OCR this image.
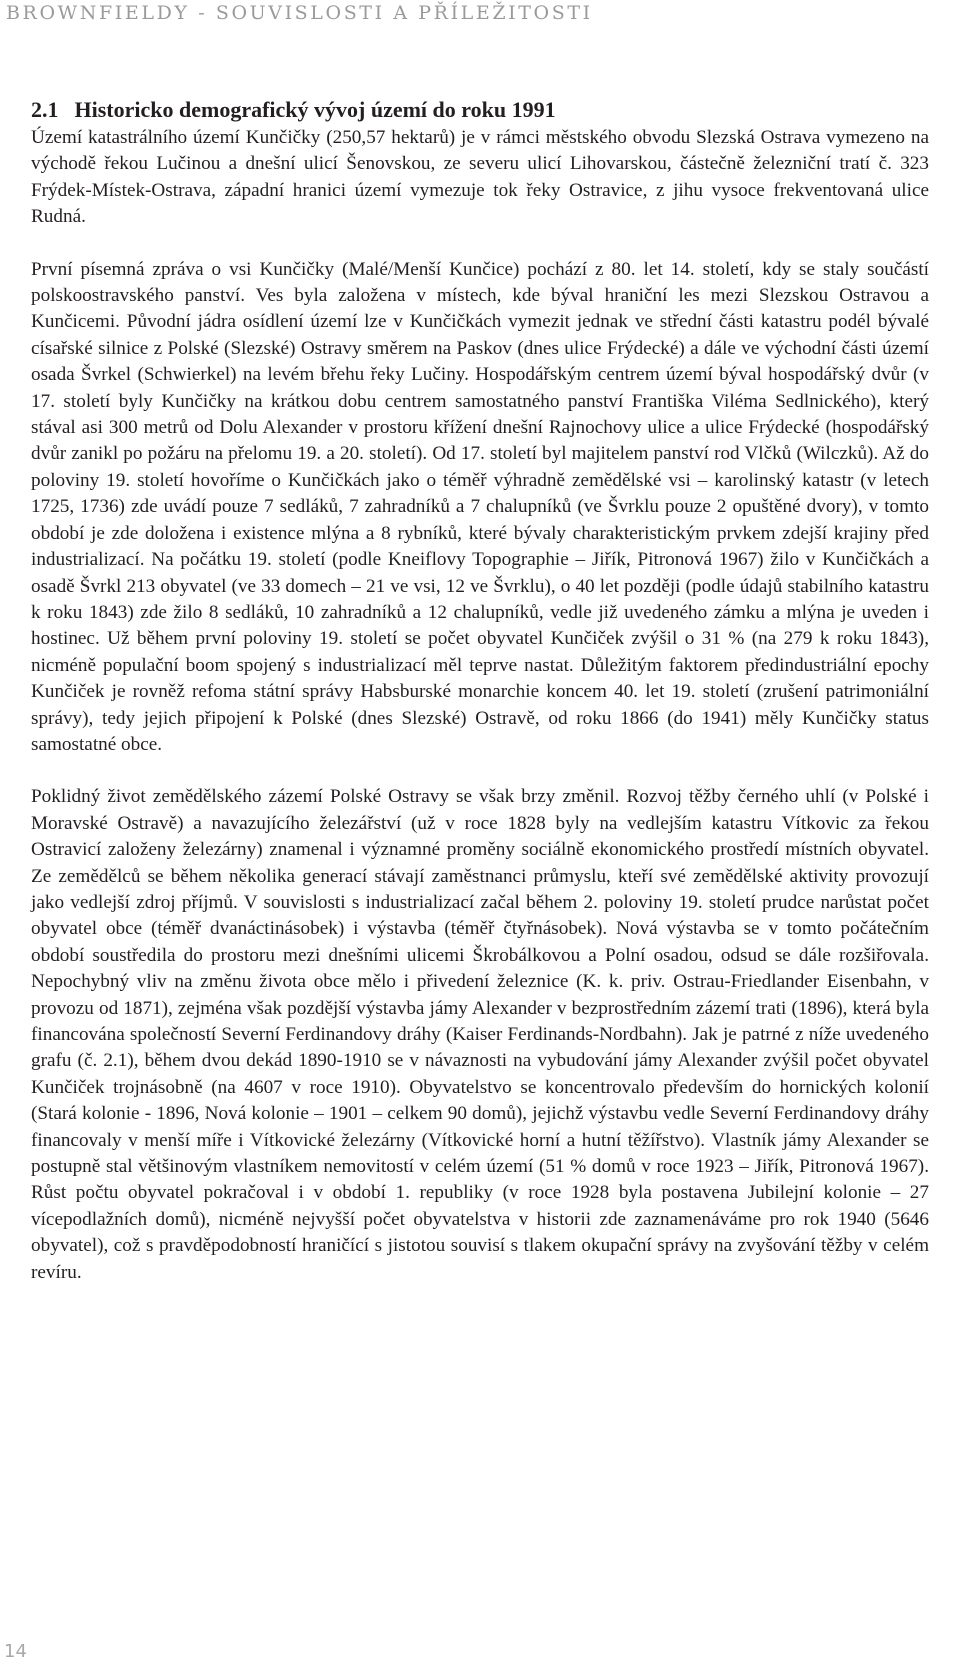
BROWNFIELDY - SOUVISLOSTI A PŘÍLEŽITOSTI
2.1 Historicko demografický vývoj území do roku 1991

Území katastrálního území Kunčičky (250,57 hektarů) je v rámci městského obvodu Slezská Ostrava vymezeno na východě řekou Lučinou a dnešní ulicí Šenovskou, ze severu ulicí Lihovarskou, částečně železniční tratí č. 323 Frýdek-Místek-Ostrava, západní hranici území vymezuje tok řeky Ostravice, z jihu vysoce frekventovaná ulice Rudná.

První písemná zpráva o vsi Kunčičky (Malé/Menší Kunčice) pochází z 80. let 14. století, kdy se staly součástí polskoostravského panství. Ves byla založena v místech, kde býval hraniční les mezi Slezskou Ostravou a Kunčicemi. Původní jádra osídlení území lze v Kunčičkách vymezit jednak ve střední části katastru podél bývalé císařské silnice z Polské (Slezské) Ostravy směrem na Paskov (dnes ulice Frýdecké) a dále ve východní části území osada Švrkel (Schwierkel) na levém břehu řeky Lučiny. Hospodářským centrem území býval hospodářský dvůr (v 17. století byly Kunčičky na krátkou dobu centrem samostatného panství Františka Viléma Sedlnického), který stával asi 300 metrů od Dolu Alexander v prostoru křížení dnešní Rajnochovy ulice a ulice Frýdecké (hospodářský dvůr zanikl po požáru na přelomu 19. a 20. století). Od 17. století byl majitelem panství rod Vlčků (Wilczků). Až do poloviny 19. století hovoříme o Kunčičkách jako o téměř výhradně zemědělské vsi – karolinský katastr (v letech 1725, 1736) zde uvádí pouze 7 sedláků, 7 zahradníků a 7 chalupníků (ve Švrklu pouze 2 opuštěné dvory), v tomto období je zde doložena i existence mlýna a 8 rybníků, které bývaly charakteristickým prvkem zdejší krajiny před industrializací. Na počátku 19. století (podle Kneiflovy Topographie – Jiřík, Pitronová 1967) žilo v Kunčičkách a osadě Švrkl 213 obyvatel (ve 33 domech – 21 ve vsi, 12 ve Švrklu), o 40 let později (podle údajů stabilního katastru k roku 1843) zde žilo 8 sedláků, 10 zahradníků a 12 chalupníků, vedle již uvedeného zámku a mlýna je uveden i hostinec. Už během první poloviny 19. století se počet obyvatel Kunčiček zvýšil o 31 % (na 279 k roku 1843), nicméně populační boom spojený s industrializací měl teprve nastat. Důležitým faktorem předindustriální epochy Kunčiček je rovněž refoma státní správy Habsburské monarchie koncem 40. let 19. století (zrušení patrimoniální správy), tedy jejich připojení k Polské (dnes Slezské) Ostravě, od roku 1866 (do 1941) měly Kunčičky status samostatné obce.

Poklidný život zemědělského zázemí Polské Ostravy se však brzy změnil. Rozvoj těžby černého uhlí (v Polské i Moravské Ostravě) a navazujícího železářství (už v roce 1828 byly na vedlejším katastru Vítkovic za řekou Ostravicí založeny železárny) znamenal i významné proměny sociálně ekonomického prostředí místních obyvatel. Ze zemědělců se během několika generací stávají zaměstnanci průmyslu, kteří své zemědělské aktivity provozují jako vedlejší zdroj příjmů. V souvislosti s industrializací začal během 2. poloviny 19. století prudce narůstat počet obyvatel obce (téměř dvanáctinásobek) i výstavba (téměř čtyřnásobek). Nová výstavba se v tomto počátečním období soustředila do prostoru mezi dnešními ulicemi Škrobálkovou a Polní osadou, odsud se dále rozšiřovala. Nepochybný vliv na změnu života obce mělo i přivedení železnice (K. k. priv. Ostrau-Friedlander Eisenbahn, v provozu od 1871), zejména však pozdější výstavba jámy Alexander v bezprostředním zázemí trati (1896), která byla financována společností Severní Ferdinandovy dráhy (Kaiser Ferdinands-Nordbahn). Jak je patrné z níže uvedeného grafu (č. 2.1), během dvou dekád 1890-1910 se v návaznosti na vybudování jámy Alexander zvýšil počet obyvatel Kunčiček trojnásobně (na 4607 v roce 1910). Obyvatelstvo se koncentrovalo především do hornických kolonií (Stará kolonie - 1896, Nová kolonie – 1901 – celkem 90 domů), jejichž výstavbu vedle Severní Ferdinandovy dráhy financovaly v menší míře i Vítkovické železárny (Vítkovické horní a hutní těžířstvo). Vlastník jámy Alexander se postupně stal většinovým vlastníkem nemovitostí v celém území (51 % domů v roce 1923 – Jiřík, Pitronová 1967). Růst počtu obyvatel pokračoval i v období 1. republiky (v roce 1928 byla postavena Jubilejní kolonie – 27 vícepodlažních domů), nicméně nejvyšší počet obyvatelstva v historii zde zaznamenáváme pro rok 1940 (5646 obyvatel), což s pravděpodobností hraničící s jistotou souvisí s tlakem okupační správy na zvyšování těžby v celém revíru.

14
